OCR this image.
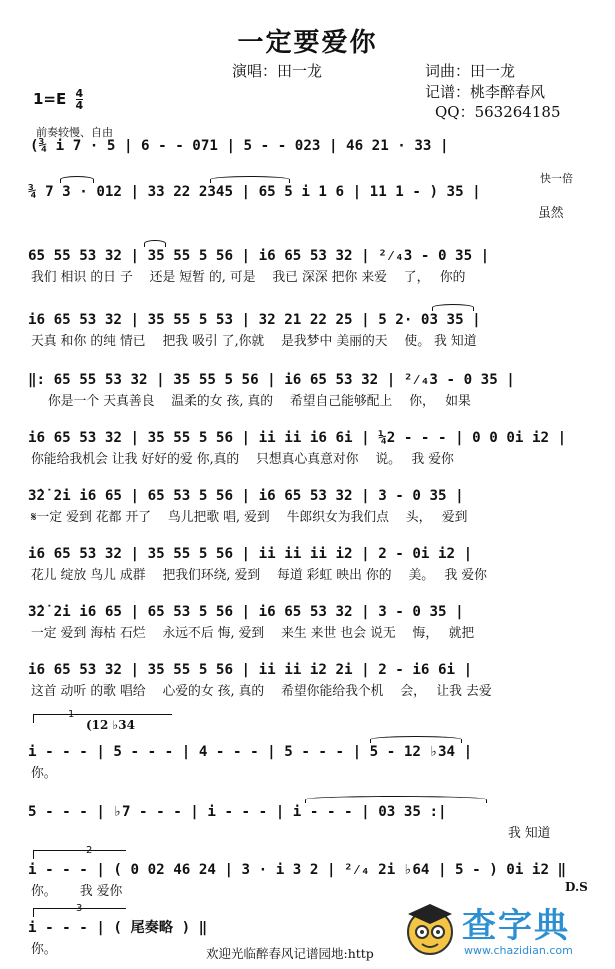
一定要爱你
演唱：田一龙	词曲：田一龙
记谱：桃李醉春风
QQ：563264185
$1=E \frac{4}{4}$
前奏较慢、自由
快一倍
(¾ i 7 · 5 | 6 - - 071 | 5 - - 023 | 46 21 · 33 |
¾ 7 3 · 012 | 33 22 2345 | 65 5 i 1 6 | 11 1 - ) 35 |
虽然
65 55 53 32 | 35 55 5 56 | i6 65 53 32 | ²⁄₄3 - 0 35 |
我们 相识 的日 子　 还是 短暂 的, 可是　 我已 深深 把你 来爱　 了，　 你的
i6 65 53 32 | 35 55 5 53 | 32 21 22 25 | 5 2· 03 35 |
天真 和你 的纯 情已　 把我 吸引 了,你就　 是我梦中 美丽的天　 使。 我 知道
‖: 65 55 53 32 | 35 55 5 56 | i6 65 53 32 | ²⁄₄3 - 0 35 |
你是一个 天真善良　 温柔的女 孩, 真的　 希望自己能够配上　 你，　 如果
i6 65 53 32 | 35 55 5 56 | ii ii i6 6i | ¼2 - - - | 0 0 0i i2 |
你能给我机会 让我 好好的爱 你,真的　 只想真心真意对你　 说。　 我 爱你
3̇2̇ 2̇i i6 65 | 65 53 5 56 | i6 65 53 32 | 3 - 0 35 |
𝄋一定 爱到 花都 开了　 鸟儿把歌 唱, 爱到　 牛郎织女为我们点　 头，　 爱到
i6 65 53 32 | 35 55 5 56 | ii ii ii i2 | 2 - 0i i2 |
花儿 绽放 鸟儿 成群　 把我们环绕, 爱到　 每道 彩虹 映出 你的　 美。　 我 爱你
3̇2̇ 2̇i i6 65 | 65 53 5 56 | i6 65 53 32 | 3 - 0 35 |
一定 爱到 海枯 石烂　 永远不后 悔, 爱到　 来生 来世 也会 说无　 悔，　 就把
i6 65 53 32 | 35 55 5 56 | ii ii i2 2i | 2 - i6 6i |
这首 动听 的歌 唱给　 心爱的女 孩, 真的　 希望你能给我个机　 会，　 让我 去爱
1
(12 ♭34
i - - - | 5 - - - | 4 - - - | 5 - - - | 5 - 12 ♭34 |
你。
5 - - - | ♭7 - - - | i - - - | i - - - | 03 35 :|
我 知道
2
i - - - | ( 0 02 46 24 | 3 · i 3 2 | ²⁄₄ 2i ♭64 | 5 - ) 0i i2 ‖
你。　　 我 爱你	D.S
3
i - - - | ( 尾奏略 ) ‖
你。	欢迎光临醉春风记谱园地:http
查字典
www.chazidian.com
